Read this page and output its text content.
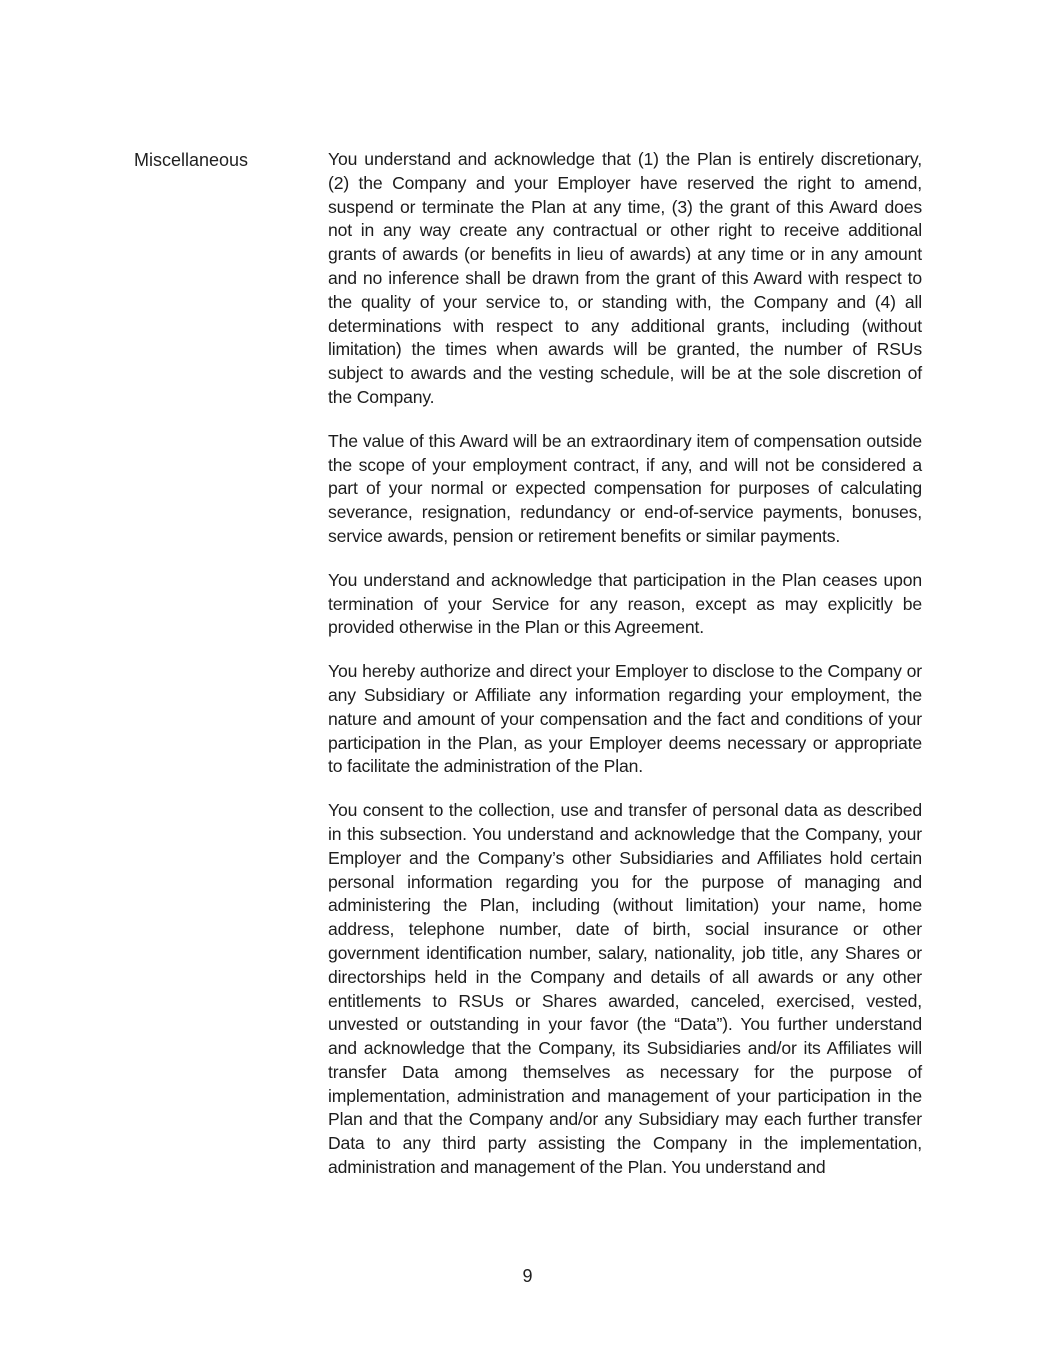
Miscellaneous	You understand and acknowledge that (1) the Plan is entirely discretionary, (2) the Company and your Employer have reserved the right to amend, suspend or terminate the Plan at any time, (3) the grant of this Award does not in any way create any contractual or other right to receive additional grants of awards (or benefits in lieu of awards) at any time or in any amount and no inference shall be drawn from the grant of this Award with respect to the quality of your service to, or standing with, the Company and (4) all determinations with respect to any additional grants, including (without limitation) the times when awards will be granted, the number of RSUs subject to awards and the vesting schedule, will be at the sole discretion of the Company.

The value of this Award will be an extraordinary item of compensation outside the scope of your employment contract, if any, and will not be considered a part of your normal or expected compensation for purposes of calculating severance, resignation, redundancy or end-of-service payments, bonuses, service awards, pension or retirement benefits or similar payments.

You understand and acknowledge that participation in the Plan ceases upon termination of your Service for any reason, except as may explicitly be provided otherwise in the Plan or this Agreement.

You hereby authorize and direct your Employer to disclose to the Company or any Subsidiary or Affiliate any information regarding your employment, the nature and amount of your compensation and the fact and conditions of your participation in the Plan, as your Employer deems necessary or appropriate to facilitate the administration of the Plan.

You consent to the collection, use and transfer of personal data as described in this subsection. You understand and acknowledge that the Company, your Employer and the Company’s other Subsidiaries and Affiliates hold certain personal information regarding you for the purpose of managing and administering the Plan, including (without limitation) your name, home address, telephone number, date of birth, social insurance or other government identification number, salary, nationality, job title, any Shares or directorships held in the Company and details of all awards or any other entitlements to RSUs or Shares awarded, canceled, exercised, vested, unvested or outstanding in your favor (the “Data”). You further understand and acknowledge that the Company, its Subsidiaries and/or its Affiliates will transfer Data among themselves as necessary for the purpose of implementation, administration and management of your participation in the Plan and that the Company and/or any Subsidiary may each further transfer Data to any third party assisting the Company in the implementation, administration and management of the Plan. You understand and

9
